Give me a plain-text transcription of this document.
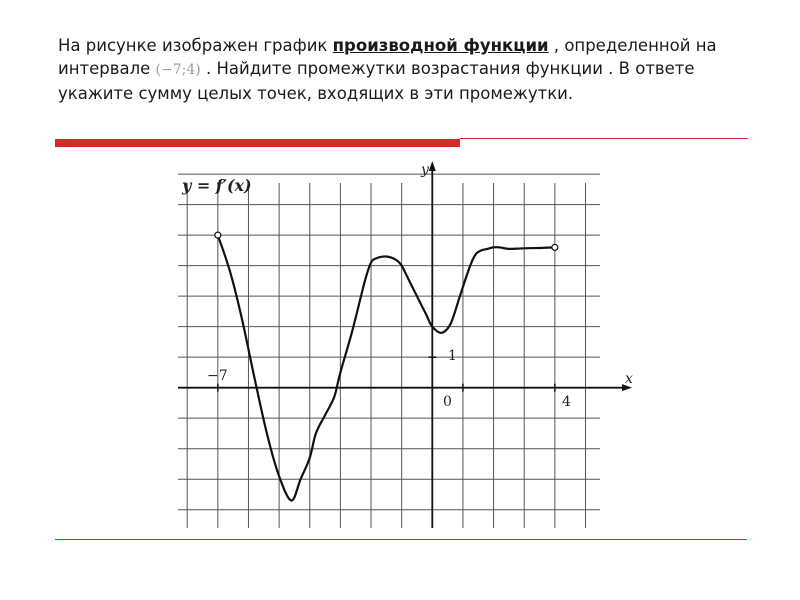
На рисунке изображен график производной функции , определенной на интервале (−7;4) . Найдите промежутки возрастания функции . В ответе укажите сумму целых точек, входящих в эти промежутки.

y = f′(x)
y
x
−7
0	4
1
